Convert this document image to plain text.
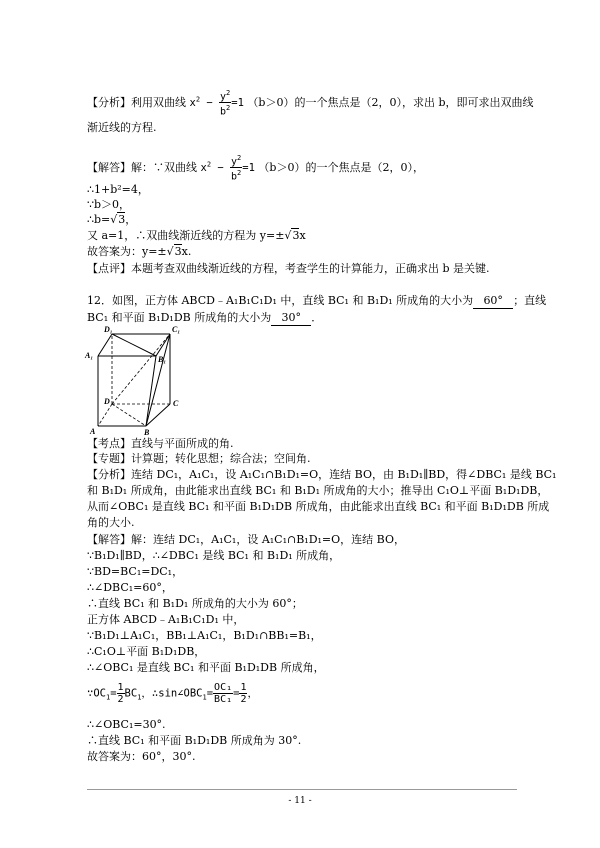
【分析】利用双曲线 $x^2 - \frac{y^2}{b^2} =1$ （b＞0）的一个焦点是（2，0），求出 b，即可求出双曲线
渐近线的方程.
【解答】解：∵双曲线 $x^2 - \frac{y^2}{b^2} =1$ （b＞0）的一个焦点是（2，0），
∴1+b²=4，
∵b＞0，
∴b=√3，
又 a=1，∴双曲线渐近线的方程为 y=±√3x
故答案为：y=±√3x.
【点评】本题考查双曲线渐近线的方程，考查学生的计算能力，正确求出 b 是关键.
12．如图，正方体 ABCD﹣A₁B₁C₁D₁ 中，直线 BC₁ 和 B₁D₁ 所成角的大小为 60° ；直线
BC₁ 和平面 B₁D₁DB 所成角的大小为 30° ．
D₁	C₁
A₁	B₁
D	C
A	B
【考点】直线与平面所成的角.
【专题】计算题；转化思想；综合法；空间角.
【分析】连结 DC₁，A₁C₁，设 A₁C₁∩B₁D₁=O，连结 BO，由 B₁D₁∥BD，得∠DBC₁ 是线 BC₁
和 B₁D₁ 所成角，由此能求出直线 BC₁ 和 B₁D₁ 所成角的大小；推导出 C₁O⊥平面 B₁D₁DB，
从而∠OBC₁ 是直线 BC₁ 和平面 B₁D₁DB 所成角，由此能求出直线 BC₁ 和平面 B₁D₁DB 所成
角的大小.
【解答】解：连结 DC₁，A₁C₁，设 A₁C₁∩B₁D₁=O，连结 BO，
∵B₁D₁∥BD，∴∠DBC₁ 是线 BC₁ 和 B₁D₁ 所成角，
∵BD=BC₁=DC₁，
∴∠DBC₁=60°，
∴直线 BC₁ 和 B₁D₁ 所成角的大小为 60°；
正方体 ABCD﹣A₁B₁C₁D₁ 中，
∵B₁D₁⊥A₁C₁，BB₁⊥A₁C₁，B₁D₁∩BB₁=B₁，
∴C₁O⊥平面 B₁D₁DB，
∴∠OBC₁ 是直线 BC₁ 和平面 B₁D₁DB 所成角，
$\because OC_1= \frac{1}{2} BC_1$，$\therefore\sin\angle OBC_1= \frac{\text{OC₁}}{\text{BC₁}} = \frac{1}{2}$ ，
∴∠OBC₁=30°.
∴直线 BC₁ 和平面 B₁D₁DB 所成角为 30°.
故答案为：60°，30°.
- 11 -
